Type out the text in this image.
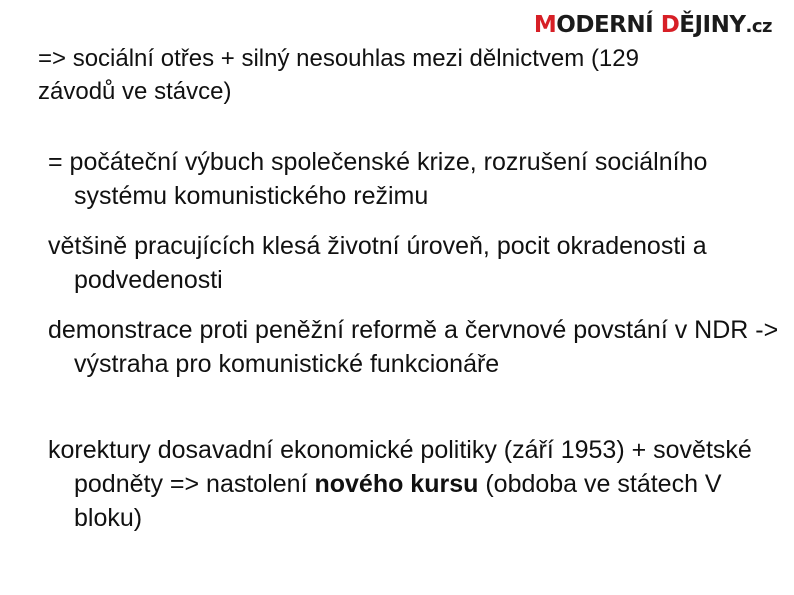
MODERNÍ DĚJINY.cz
=> sociální otřes + silný nesouhlas mezi dělnictvem (129 závodů ve stávce)
= počáteční výbuch společenské krize, rozrušení sociálního systému komunistického režimu
většině pracujících klesá životní úroveň, pocit okradenosti a podvedenosti
demonstrace proti peněžní reformě a červnové povstání v NDR -> výstraha pro komunistické funkcionáře
korektury dosavadní ekonomické politiky (září 1953) + sovětské podněty => nastolení nového kursu (obdoba ve státech V bloku)
